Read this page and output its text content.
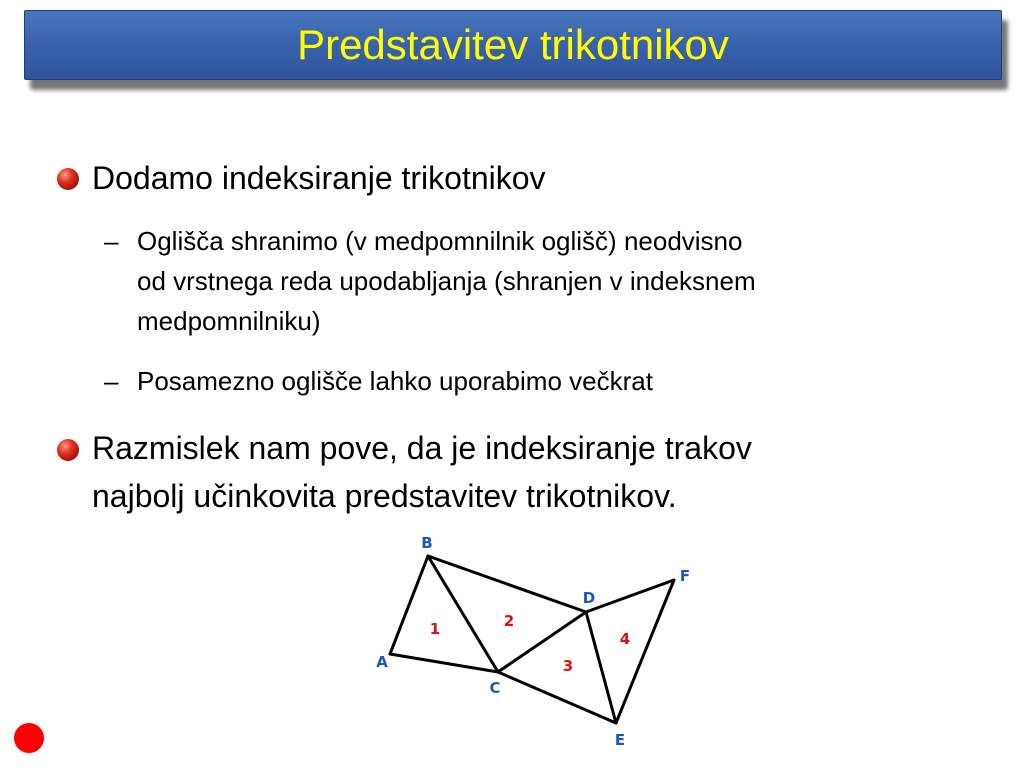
Predstavitev trikotnikov
Dodamo indeksiranje trikotnikov
– Oglišča shranimo (v medpomnilnik oglišč) neodvisno
od vrstnega reda upodabljanja (shranjen v indeksnem
medpomnilniku)
– Posamezno oglišče lahko uporabimo večkrat
Razmislek nam pove, da je indeksiranje trakov
najbolj učinkovita predstavitev trikotnikov.
A
B
C
D
E
F
1	2
3
4
